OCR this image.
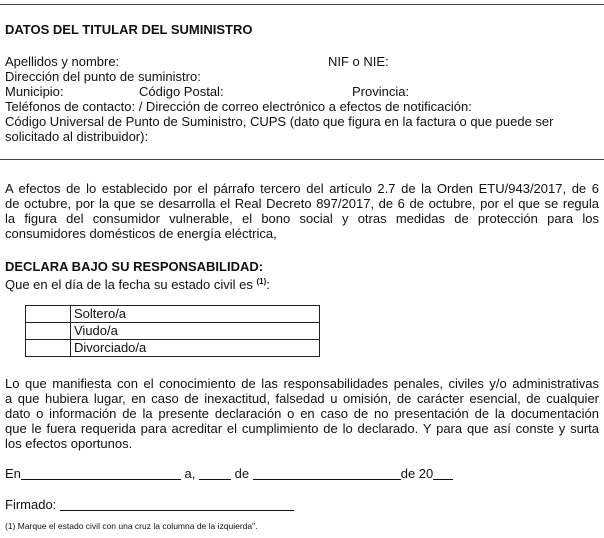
DATOS DEL TITULAR DEL SUMINISTRO
Apellidos y nombre:	NIF o NIE:
Dirección del punto de suministro:
Municipio:	Código Postal:	Provincia:
Teléfonos de contacto: / Dirección de correo electrónico a efectos de notificación:
Código Universal de Punto de Suministro, CUPS (dato que figura en la factura o que puede ser
solicitado al distribuidor):
A efectos de lo establecido por el párrafo tercero del artículo 2.7 de la Orden ETU/943/2017, de 6
de octubre, por la que se desarrolla el Real Decreto 897/2017, de 6 de octubre, por el que se regula
la figura del consumidor vulnerable, el bono social y otras medidas de protección para los
consumidores domésticos de energía eléctrica,
DECLARA BAJO SU RESPONSABILIDAD:
Que en el día de la fecha su estado civil es $^{(1)}$:
	Soltero/a
	Viudo/a
	Divorciado/a
Lo que manifiesta con el conocimiento de las responsabilidades penales, civiles y/o administrativas
a que hubiera lugar, en caso de inexactitud, falsedad u omisión, de carácter esencial, de cualquier
dato o información de la presente declaración o en caso de no presentación de la documentación
que le fuera requerida para acreditar el cumplimiento de lo declarado. Y para que así conste y surta
los efectos oportunos.
En	a,	de	de 20
Firmado:
(1) Marque el estado civil con una cruz la columna de la izquierda".
